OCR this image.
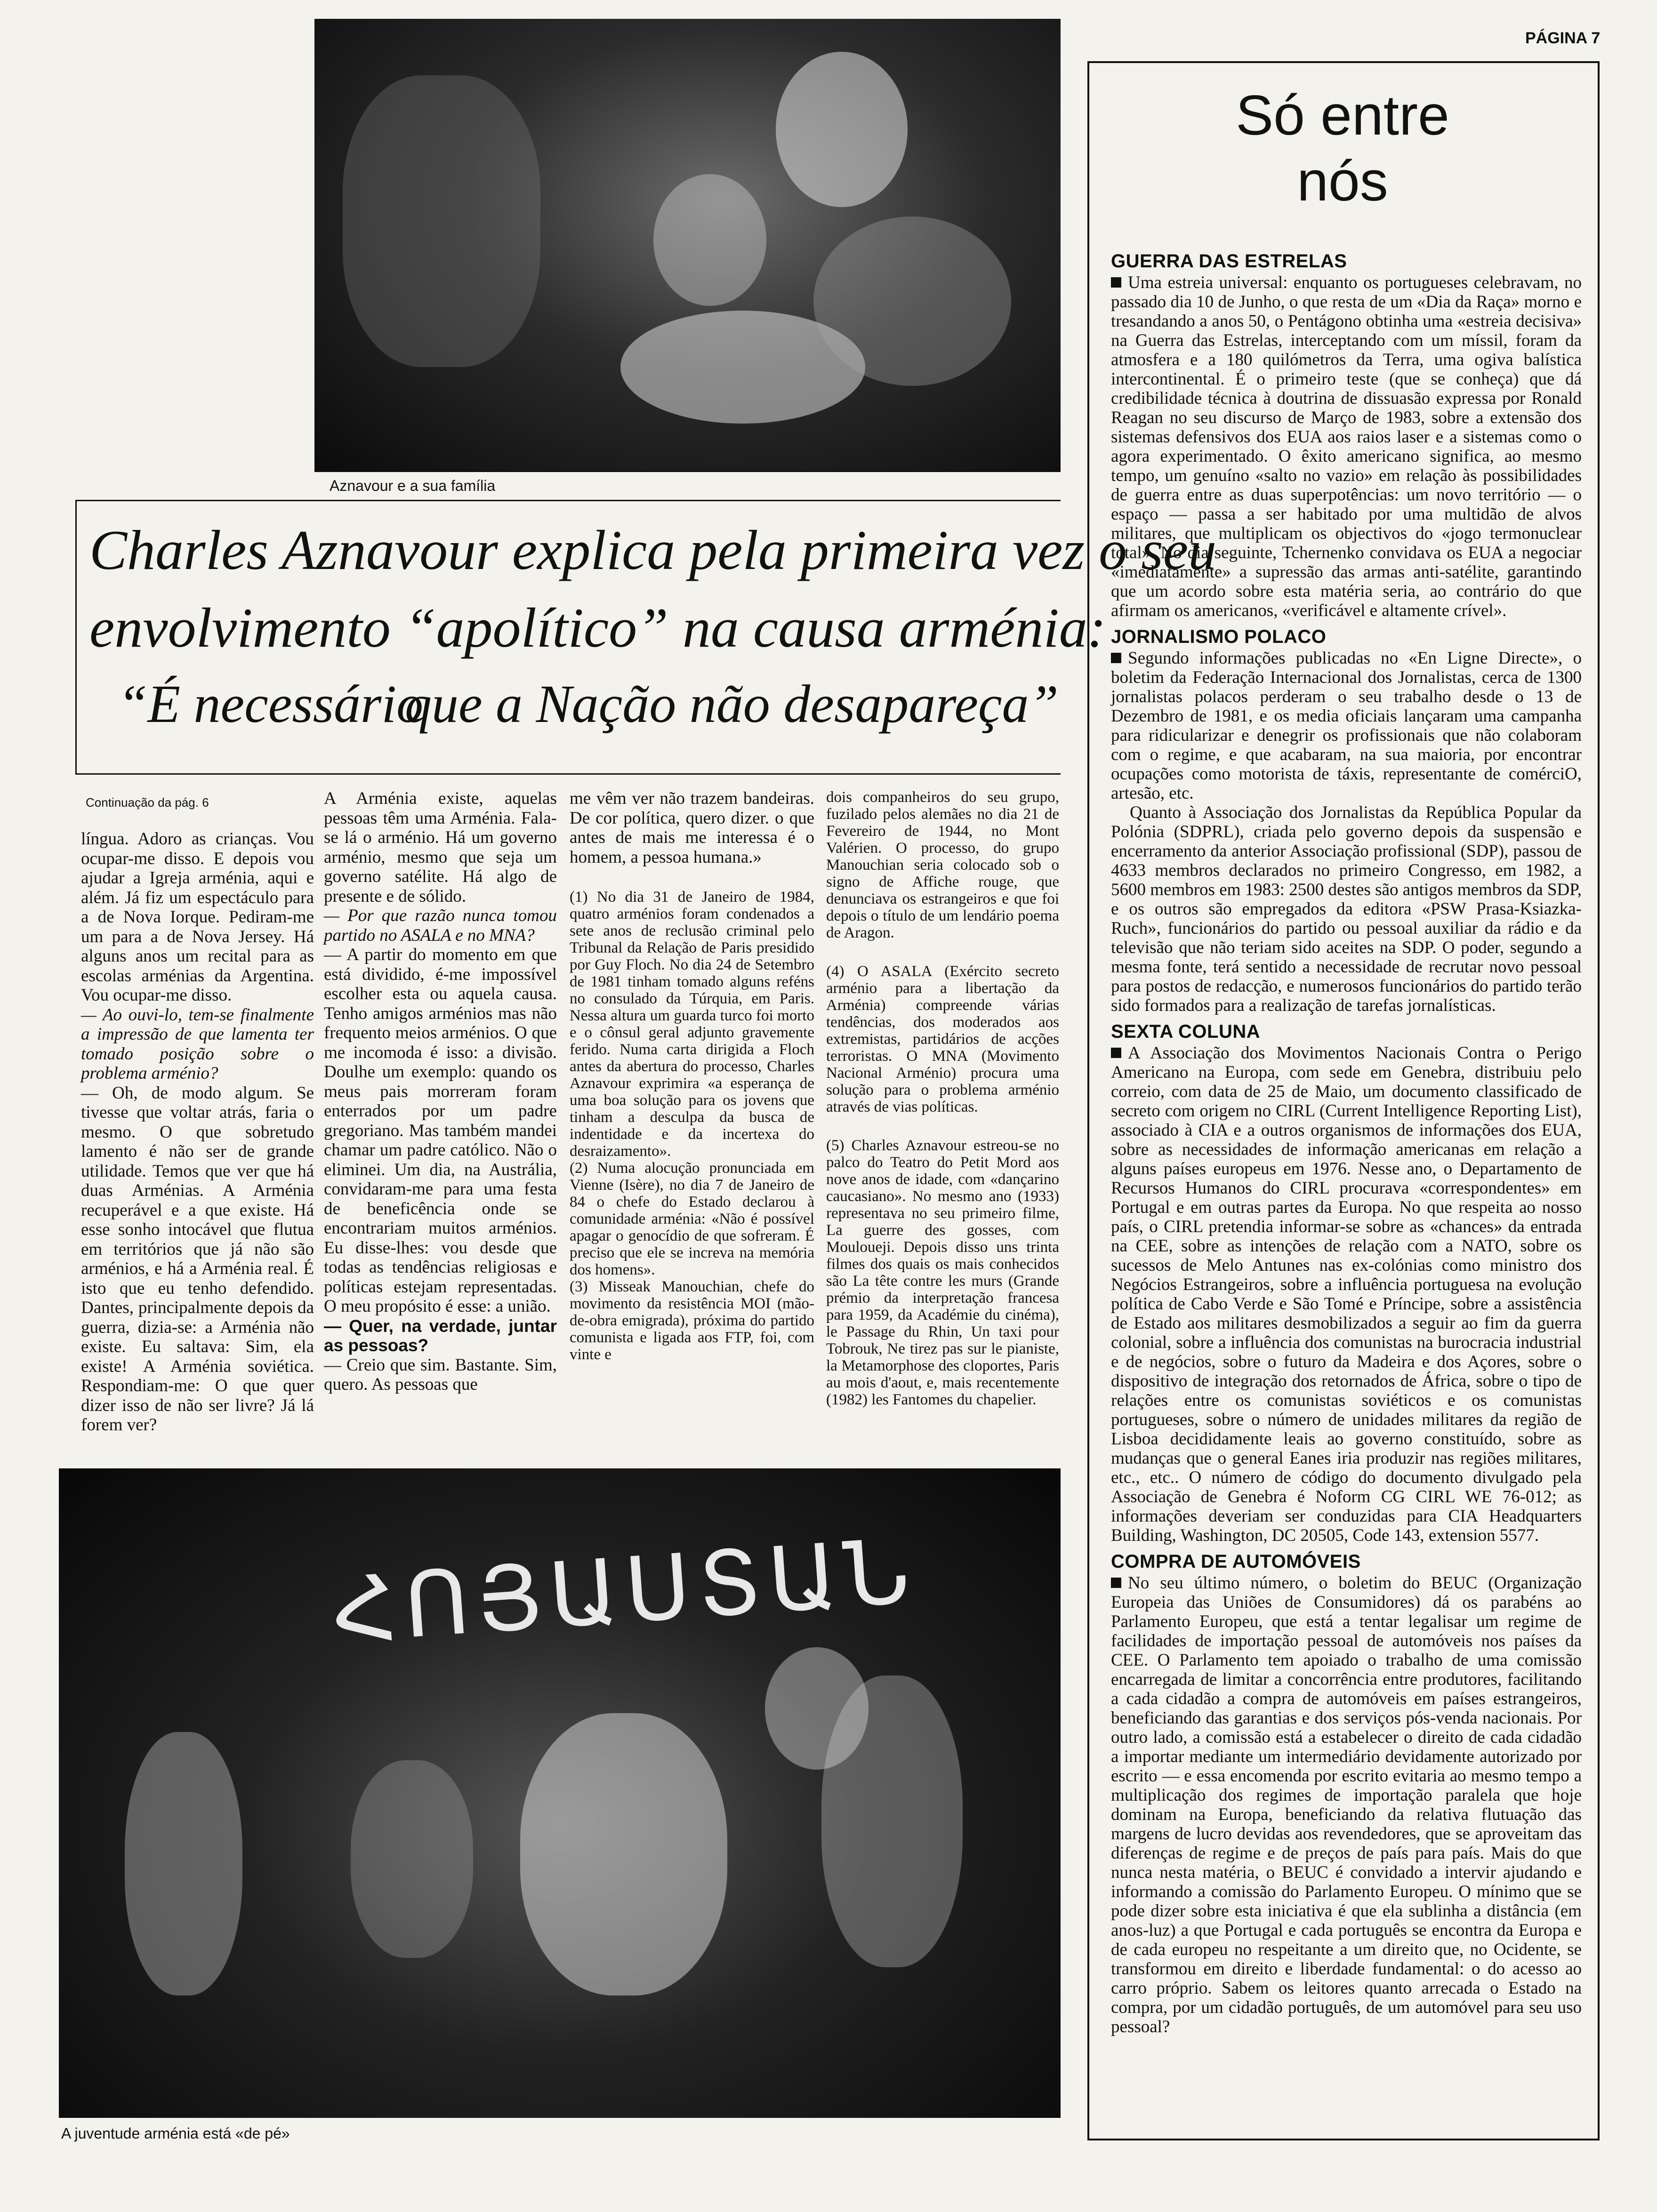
PÁGINA 7
Aznavour e a sua família
Charles Aznavour explica pela primeira vez o seu
envolvimento “apolítico” na causa arménia:
“É necessário
que a Nação não desapareça”
Continuação da pág. 6

língua. Adoro as crianças. Vou ocupar-me disso. E depois vou ajudar a Igreja arménia, aqui e além. Já fiz um espectáculo para a de Nova Iorque. Pediram-me um para a de Nova Jersey. Há alguns anos um recital para as escolas arménias da Argentina. Vou ocupar-me disso.

— Ao ouvi-lo, tem-se finalmente a impressão de que lamenta ter tomado posição sobre o problema arménio?

— Oh, de modo algum. Se tivesse que voltar atrás, faria o mesmo. O que sobretudo lamento é não ser de grande utilidade. Temos que ver que há duas Arménias. A Arménia recuperável e a que existe. Há esse sonho intocável que flutua em territórios que já não são arménios, e há a Arménia real. É isto que eu tenho defendido. Dantes, principalmente depois da guerra, dizia-se: a Arménia não existe. Eu saltava: Sim, ela existe! A Arménia soviética. Respondiam-me: O que quer dizer isso de não ser livre? Já lá forem ver?

A Arménia existe, aquelas pessoas têm uma Arménia. Fala-se lá o arménio. Há um governo arménio, mesmo que seja um governo satélite. Há algo de presente e de sólido.

— Por que razão nunca tomou partido no ASALA e no MNA?

— A partir do momento em que está dividido, é-me impossível escolher esta ou aquela causa. Tenho amigos arménios mas não frequento meios arménios. O que me incomoda é isso: a divisão. Doulhe um exemplo: quando os meus pais morreram foram enterrados por um padre gregoriano. Mas também mandei chamar um padre católico. Não o eliminei. Um dia, na Austrália, convidaram-me para uma festa de beneficência onde se encontrariam muitos arménios. Eu disse-lhes: vou desde que todas as tendências religiosas e políticas estejam representadas. O meu propósito é esse: a união.

— Quer, na verdade, juntar as pessoas?

— Creio que sim. Bastante. Sim, quero. As pessoas que

me vêm ver não trazem bandeiras. De cor política, quero dizer. o que antes de mais me interessa é o homem, a pessoa humana.»

(1) No dia 31 de Janeiro de 1984, quatro arménios foram condenados a sete anos de reclusão criminal pelo Tribunal da Relação de Paris presidido por Guy Floch. No dia 24 de Setembro de 1981 tinham tomado alguns reféns no consulado da Túrquia, em Paris. Nessa altura um guarda turco foi morto e o cônsul geral adjunto gravemente ferido. Numa carta dirigida a Floch antes da abertura do processo, Charles Aznavour exprimira «a esperança de uma boa solução para os jovens que tinham a desculpa da busca de indentidade e da incertexa do desraizamento».

(2) Numa alocução pronunciada em Vienne (Isère), no dia 7 de Janeiro de 84 o chefe do Estado declarou à comunidade arménia: «Não é possível apagar o genocídio de que sofreram. É preciso que ele se increva na memória dos homens».

(3) Misseak Manouchian, chefe do movimento da resistência MOI (mão-de-obra emigrada), próxima do partido comunista e ligada aos FTP, foi, com vinte e

dois companheiros do seu grupo, fuzilado pelos alemães no dia 21 de Fevereiro de 1944, no Mont Valérien. O processo, do grupo Manouchian seria colocado sob o signo de Affiche rouge, que denunciava os estrangeiros e que foi depois o título de um lendário poema de Aragon.

(4) O ASALA (Exército secreto arménio para a libertação da Arménia) compreende várias tendências, dos moderados aos extremistas, partidários de acções terroristas. O MNA (Movimento Nacional Arménio) procura uma solução para o problema arménio através de vias políticas.

(5) Charles Aznavour estreou-se no palco do Teatro do Petit Mord aos nove anos de idade, com «dançarino caucasiano». No mesmo ano (1933) representava no seu primeiro filme, La guerre des gosses, com Mouloueji. Depois disso uns trinta filmes dos quais os mais conhecidos são La tête contre les murs (Grande prémio da interpretação francesa para 1959, da Académie du cinéma), le Passage du Rhin, Un taxi pour Tobrouk, Ne tirez pas sur le pianiste, la Metamorphose des cloportes, Paris au mois d'aout, e, mais recentemente (1982) les Fantomes du chapelier.

ՀՈՅԱՍՏԱՆ
A juventude arménia está «de pé»
Só entre
nós
GUERRA DAS ESTRELAS

Uma estreia universal: enquanto os portugueses celebravam, no passado dia 10 de Junho, o que resta de um «Dia da Raça» morno e tresandando a anos 50, o Pentágono obtinha uma «estreia decisiva» na Guerra das Estrelas, interceptando com um míssil, foram da atmosfera e a 180 quilómetros da Terra, uma ogiva balística intercontinental. É o primeiro teste (que se conheça) que dá credibilidade técnica à doutrina de dissuasão expressa por Ronald Reagan no seu discurso de Março de 1983, sobre a extensão dos sistemas defensivos dos EUA aos raios laser e a sistemas como o agora experimentado. O êxito americano significa, ao mesmo tempo, um genuíno «salto no vazio» em relação às possibilidades de guerra entre as duas superpotências: um novo território — o espaço — passa a ser habitado por uma multidão de alvos militares, que multiplicam os objectivos do «jogo termonuclear total». No dia seguinte, Tchernenko convidava os EUA a negociar «imediatamente» a supressão das armas anti-satélite, garantindo que um acordo sobre esta matéria seria, ao contrário do que afirmam os americanos, «verificável e altamente crível».

JORNALISMO POLACO

Segundo informações publicadas no «En Ligne Directe», o boletim da Federação Internacional dos Jornalistas, cerca de 1300 jornalistas polacos perderam o seu trabalho desde o 13 de Dezembro de 1981, e os media oficiais lançaram uma campanha para ridicularizar e denegrir os profissionais que não colaboram com o regime, e que acabaram, na sua maioria, por encontrar ocupações como motorista de táxis, representante de comérciO, artesão, etc.

Quanto à Associação dos Jornalistas da República Popular da Polónia (SDPRL), criada pelo governo depois da suspensão e encerramento da anterior Associação profissional (SDP), passou de 4633 membros declarados no primeiro Congresso, em 1982, a 5600 membros em 1983: 2500 destes são antigos membros da SDP, e os outros são empregados da editora «PSW Prasa-Ksiazka-Ruch», funcionários do partido ou pessoal auxiliar da rádio e da televisão que não teriam sido aceites na SDP. O poder, segundo a mesma fonte, terá sentido a necessidade de recrutar novo pessoal para postos de redacção, e numerosos funcionários do partido terão sido formados para a realização de tarefas jornalísticas.

SEXTA COLUNA

A Associação dos Movimentos Nacionais Contra o Perigo Americano na Europa, com sede em Genebra, distribuiu pelo correio, com data de 25 de Maio, um documento classificado de secreto com origem no CIRL (Current Intelligence Reporting List), associado à CIA e a outros organismos de informações dos EUA, sobre as necessidades de informação americanas em relação a alguns países europeus em 1976. Nesse ano, o Departamento de Recursos Humanos do CIRL procurava «correspondentes» em Portugal e em outras partes da Europa. No que respeita ao nosso país, o CIRL pretendia informar-se sobre as «chances» da entrada na CEE, sobre as intenções de relação com a NATO, sobre os sucessos de Melo Antunes nas ex-colónias como ministro dos Negócios Estrangeiros, sobre a influência portuguesa na evolução política de Cabo Verde e São Tomé e Príncipe, sobre a assistência de Estado aos militares desmobilizados a seguir ao fim da guerra colonial, sobre a influência dos comunistas na burocracia industrial e de negócios, sobre o futuro da Madeira e dos Açores, sobre o dispositivo de integração dos retornados de África, sobre o tipo de relações entre os comunistas soviéticos e os comunistas portugueses, sobre o número de unidades militares da região de Lisboa decididamente leais ao governo constituído, sobre as mudanças que o general Eanes iria produzir nas regiões militares, etc., etc.. O número de código do documento divulgado pela Associação de Genebra é Noform CG CIRL WE 76-012; as informações deveriam ser conduzidas para CIA Headquarters Building, Washington, DC 20505, Code 143, extension 5577.

COMPRA DE AUTOMÓVEIS

No seu último número, o boletim do BEUC (Organização Europeia das Uniões de Consumidores) dá os parabéns ao Parlamento Europeu, que está a tentar legalisar um regime de facilidades de importação pessoal de automóveis nos países da CEE. O Parlamento tem apoiado o trabalho de uma comissão encarregada de limitar a concorrência entre produtores, facilitando a cada cidadão a compra de automóveis em países estrangeiros, beneficiando das garantias e dos serviços pós-venda nacionais. Por outro lado, a comissão está a estabelecer o direito de cada cidadão a importar mediante um intermediário devidamente autorizado por escrito — e essa encomenda por escrito evitaria ao mesmo tempo a multiplicação dos regimes de importação paralela que hoje dominam na Europa, beneficiando da relativa flutuação das margens de lucro devidas aos revendedores, que se aproveitam das diferenças de regime e de preços de país para país. Mais do que nunca nesta matéria, o BEUC é convidado a intervir ajudando e informando a comissão do Parlamento Europeu. O mínimo que se pode dizer sobre esta iniciativa é que ela sublinha a distância (em anos-luz) a que Portugal e cada português se encontra da Europa e de cada europeu no respeitante a um direito que, no Ocidente, se transformou em direito e liberdade fundamental: o do acesso ao carro próprio. Sabem os leitores quanto arrecada o Estado na compra, por um cidadão português, de um automóvel para seu uso pessoal?
